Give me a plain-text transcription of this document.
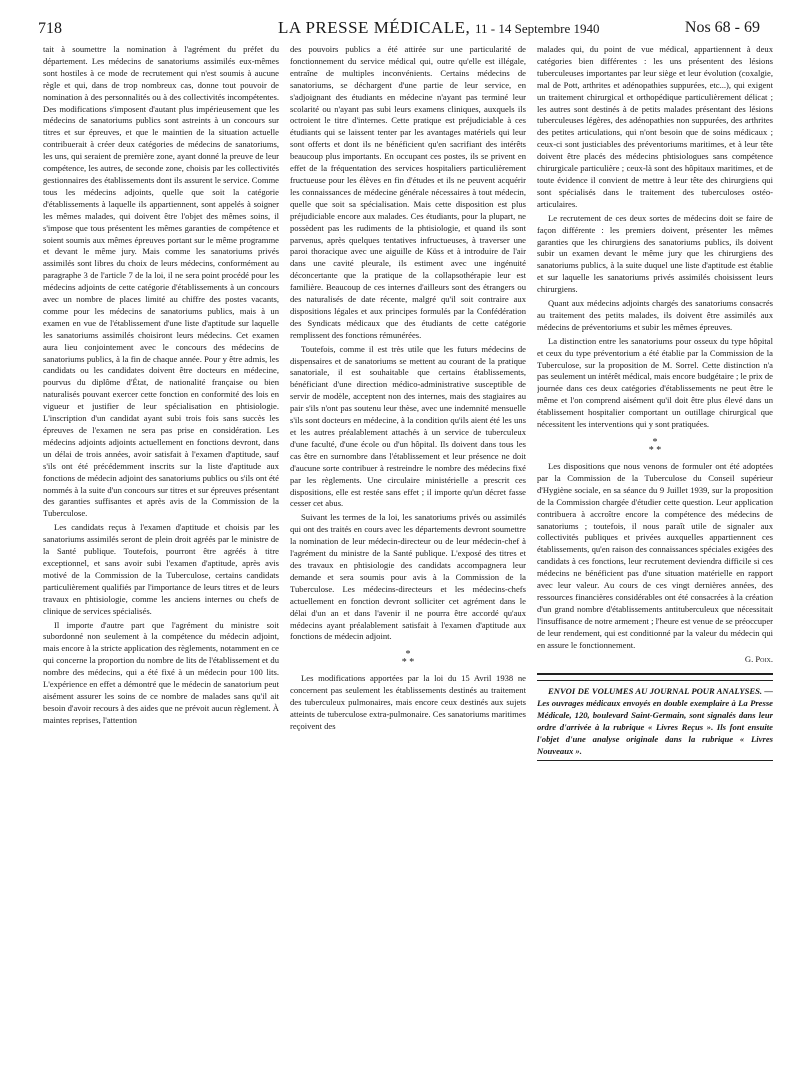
718	LA PRESSE MÉDICALE, 11 - 14 Septembre 1940	Nos 68 - 69

tait à soumettre la nomination à l'agrément du préfet du département. Les médecins de sanatoriums assimilés eux-mêmes sont hostiles à ce mode de recrutement qui n'est soumis à aucune règle et qui, dans de trop nombreux cas, donne tout pouvoir de nomination à des personnalités ou à des collectivités incompétentes. Des modifications s'imposent d'autant plus impérieusement que les médecins de sanatoriums publics sont astreints à un concours sur titres et sur épreuves, et que le maintien de la situation actuelle contribuerait à créer deux catégories de médecins de sanatoriums, les uns, qui seraient de première zone, ayant donné la preuve de leur compétence, les autres, de seconde zone, choisis par les collectivités gestionnaires des établissements dont ils assurent le service. Comme tous les médecins adjoints, quelle que soit la catégorie d'établissements à laquelle ils appartiennent, sont appelés à soigner les mêmes malades, qui doivent être l'objet des mêmes soins, il s'impose que tous présentent les mêmes garanties de compétence et soient soumis aux mêmes épreuves portant sur le même programme et devant le même jury. Mais comme les sanatoriums privés assimilés sont libres du choix de leurs médecins, conformément au paragraphe 3 de l'article 7 de la loi, il ne sera point procédé pour les médecins adjoints de cette catégorie d'établissements à un concours avec un nombre de places limité au chiffre des postes vacants, comme pour les médecins de sanatoriums publics, mais à un examen en vue de l'établissement d'une liste d'aptitude sur laquelle les sanatoriums assimilés choisiront leurs médecins. Cet examen aura lieu conjointement avec le concours des médecins de sanatoriums publics, à la fin de chaque année. Pour y être admis, les candidats ou les candidates doivent être docteurs en médecine, pourvus du diplôme d'État, de nationalité française ou bien naturalisés pouvant exercer cette fonction en conformité des lois en vigueur et justifier de leur spécialisation en phtisiologie. L'inscription d'un candidat ayant subi trois fois sans succès les épreuves de l'examen ne sera pas prise en considération. Les médecins adjoints adjoints actuellement en fonctions devront, dans un délai de trois années, avoir satisfait à l'examen d'aptitude, sauf s'ils ont été précédemment inscrits sur la liste d'aptitude aux fonctions de médecin adjoint des sanatoriums publics ou s'ils ont été nommés à la suite d'un concours sur titres et sur épreuves présentant des garanties suffisantes et après avis de la Commission de la Tuberculose.

Les candidats reçus à l'examen d'aptitude et choisis par les sanatoriums assimilés seront de plein droit agréés par le ministre de la Santé publique. Toutefois, pourront être agréés à titre exceptionnel, et sans avoir subi l'examen d'aptitude, après avis motivé de la Commission de la Tuberculose, certains candidats particulièrement qualifiés par l'importance de leurs titres et de leurs travaux en phtisiologie, comme les anciens internes ou chefs de clinique de services spécialisés.

Il importe d'autre part que l'agrément du ministre soit subordonné non seulement à la compétence du médecin adjoint, mais encore à la stricte application des règlements, notamment en ce qui concerne la proportion du nombre de lits de l'établissement et du nombre des médecins, qui a été fixé à un médecin pour 100 lits. L'expérience en effet a démontré que le médecin de sanatorium peut aisément assurer les soins de ce nombre de malades sans qu'il ait besoin d'avoir recours à des aides que ne prévoit aucun règlement. À maintes reprises, l'attention

des pouvoirs publics a été attirée sur une particularité de fonctionnement du service médical qui, outre qu'elle est illégale, entraîne de multiples inconvénients. Certains médecins de sanatoriums, se déchargent d'une partie de leur service, en s'adjoignant des étudiants en médecine n'ayant pas terminé leur scolarité ou n'ayant pas subi leurs examens cliniques, auxquels ils octroient le titre d'internes. Cette pratique est préjudiciable à ces étudiants qui se laissent tenter par les avantages matériels qui leur sont offerts et dont ils ne bénéficient qu'en sacrifiant des intérêts beaucoup plus importants. En occupant ces postes, ils se privent en effet de la fréquentation des services hospitaliers particulièrement fructueuse pour les élèves en fin d'études et ils ne peuvent acquérir les connaissances de médecine générale nécessaires à tout médecin, quelle que soit sa spécialisation. Mais cette disposition est plus préjudiciable encore aux malades. Ces étudiants, pour la plupart, ne possèdent pas les rudiments de la phtisiologie, et quand ils sont parvenus, après quelques tentatives infructueuses, à traverser une paroi thoracique avec une aiguille de Küss et à introduire de l'air dans une cavité pleurale, ils estiment avec une ingénuité déconcertante que la pratique de la collapsothérapie leur est familière. Beaucoup de ces internes d'ailleurs sont des étrangers ou des naturalisés de date récente, malgré qu'il soit contraire aux dispositions légales et aux principes formulés par la Confédération des Syndicats médicaux que des étudiants de cette catégorie remplissent des fonctions rémunérées.

Toutefois, comme il est très utile que les futurs médecins de dispensaires et de sanatoriums se mettent au courant de la pratique sanatoriale, il est souhaitable que certains établissements, bénéficiant d'une direction médico-administrative susceptible de servir de modèle, acceptent non des internes, mais des stagiaires au pair s'ils n'ont pas soutenu leur thèse, avec une indemnité mensuelle s'ils sont docteurs en médecine, à la condition qu'ils aient été les uns et les autres préalablement attachés à un service de tuberculeux d'une faculté, d'une école ou d'un hôpital. Ils doivent dans tous les cas être en surnombre dans l'établissement et leur présence ne doit d'aucune sorte contribuer à restreindre le nombre des médecins fixé par les règlements. Une circulaire ministérielle a prescrit ces dispositions, elle est restée sans effet ; il importe qu'un décret fasse cesser cet abus.

Suivant les termes de la loi, les sanatoriums privés ou assimilés qui ont des traités en cours avec les départements devront soumettre la nomination de leur médecin-directeur ou de leur médecin-chef à l'agrément du ministre de la Santé publique. L'exposé des titres et des travaux en phtisiologie des candidats accompagnera leur demande et sera soumis pour avis à la Commission de la Tuberculose. Les médecins-directeurs et les médecins-chefs actuellement en fonction devront solliciter cet agrément dans le délai d'un an et dans l'avenir il ne pourra être accordé qu'aux médecins ayant préalablement satisfait à l'examen d'aptitude aux fonctions de médecin adjoint.

*
* *

Les modifications apportées par la loi du 15 Avril 1938 ne concernent pas seulement les établissements destinés au traitement des tuberculeux pulmonaires, mais encore ceux destinés aux sujets atteints de tuberculose extra-pulmonaire. Ces sanatoriums maritimes reçoivent des

malades qui, du point de vue médical, appartiennent à deux catégories bien différentes : les uns présentent des lésions tuberculeuses importantes par leur siège et leur évolution (coxalgie, mal de Pott, arthrites et adénopathies suppurées, etc...), qui exigent un traitement chirurgical et orthopédique particulièrement délicat ; les autres sont destinés à de petits malades présentant des lésions tuberculeuses légères, des adénopathies non suppurées, des arthrites des petites articulations, qui n'ont besoin que de soins médicaux ; ceux-ci sont justiciables des préventoriums maritimes, et à leur tête doivent être placés des médecins phtisiologues sans compétence chirurgicale particulière ; ceux-là sont des hôpitaux maritimes, et de toute évidence il convient de mettre à leur tête des chirurgiens qui sont spécialisés dans le traitement des tuberculoses ostéo-articulaires.

Le recrutement de ces deux sortes de médecins doit se faire de façon différente : les premiers doivent, présenter les mêmes garanties que les chirurgiens des sanatoriums publics, ils doivent subir un examen devant le même jury que les chirurgiens des sanatoriums publics, à la suite duquel une liste d'aptitude est établie et sur laquelle les sanatoriums privés assimilés choisissent leurs chirurgiens.

Quant aux médecins adjoints chargés des sanatoriums consacrés au traitement des petits malades, ils doivent être assimilés aux médecins de préventoriums et subir les mêmes épreuves.

La distinction entre les sanatoriums pour osseux du type hôpital et ceux du type préventorium a été établie par la Commission de la Tuberculose, sur la proposition de M. Sorrel. Cette distinction n'a pas seulement un intérêt médical, mais encore budgétaire ; le prix de journée dans ces deux catégories d'établissements ne peut être le même et l'on comprend aisément qu'il doit être plus élevé dans un établissement hospitalier comportant un outillage chirurgical que nécessitent les interventions qui y sont pratiquées.

*
* *

Les dispositions que nous venons de formuler ont été adoptées par la Commission de la Tuberculose du Conseil supérieur d'Hygiène sociale, en sa séance du 9 Juillet 1939, sur la proposition de la Commission chargée d'étudier cette question. Leur application contribuera à accroître encore la compétence des médecins de sanatoriums ; toutefois, il nous paraît utile de signaler aux collectivités publiques et privées auxquelles appartiennent ces établissements, qu'en raison des connaissances spéciales exigées des candidats à ces fonctions, leur recrutement deviendra difficile si ces médecins ne bénéficient pas d'une situation matérielle en rapport avec leur valeur. Au cours de ces vingt dernières années, des ressources financières considérables ont été consacrées à la création d'un grand nombre d'établissements antituberculeux que nécessitait l'insuffisance de notre armement ; l'heure est venue de se préoccuper de leur rendement, qui est conditionné par la valeur du médecin qui en assure le fonctionnement.

G. Poix.

ENVOI DE VOLUMES AU JOURNAL POUR ANALYSES. — Les ouvrages médicaux envoyés en double exemplaire à La Presse Médicale, 120, boulevard Saint-Germain, sont signalés dans leur ordre d'arrivée à la rubrique « Livres Reçus ». Ils font ensuite l'objet d'une analyse originale dans la rubrique « Livres Nouveaux ».
